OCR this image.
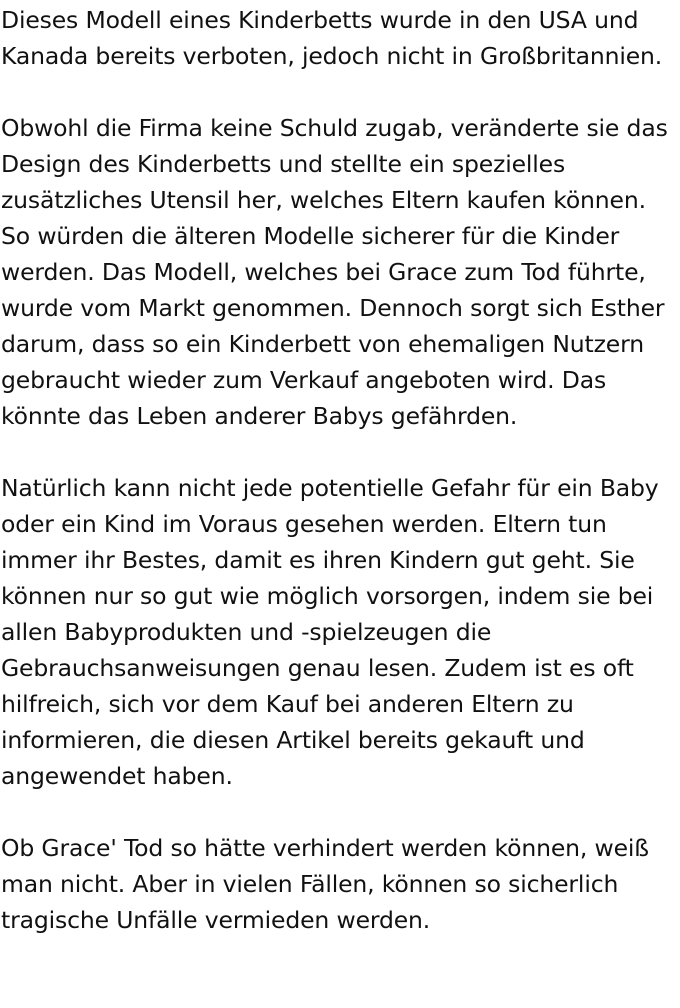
Dieses Modell eines Kinderbetts wurde in den USA und Kanada bereits verboten, jedoch nicht in Großbritannien.

Obwohl die Firma keine Schuld zugab, veränderte sie das Design des Kinderbetts und stellte ein spezielles zusätzliches Utensil her, welches Eltern kaufen können. So würden die älteren Modelle sicherer für die Kinder werden. Das Modell, welches bei Grace zum Tod führte, wurde vom Markt genommen. Dennoch sorgt sich Esther darum, dass so ein Kinderbett von ehemaligen Nutzern gebraucht wieder zum Verkauf angeboten wird. Das könnte das Leben anderer Babys gefährden.

Natürlich kann nicht jede potentielle Gefahr für ein Baby oder ein Kind im Voraus gesehen werden. Eltern tun immer ihr Bestes, damit es ihren Kindern gut geht. Sie können nur so gut wie möglich vorsorgen, indem sie bei allen Babyprodukten und -spielzeugen die Gebrauchsanweisungen genau lesen. Zudem ist es oft hilfreich, sich vor dem Kauf bei anderen Eltern zu informieren, die diesen Artikel bereits gekauft und angewendet haben.

Ob Grace' Tod so hätte verhindert werden können, weiß man nicht. Aber in vielen Fällen, können so sicherlich tragische Unfälle vermieden werden.
